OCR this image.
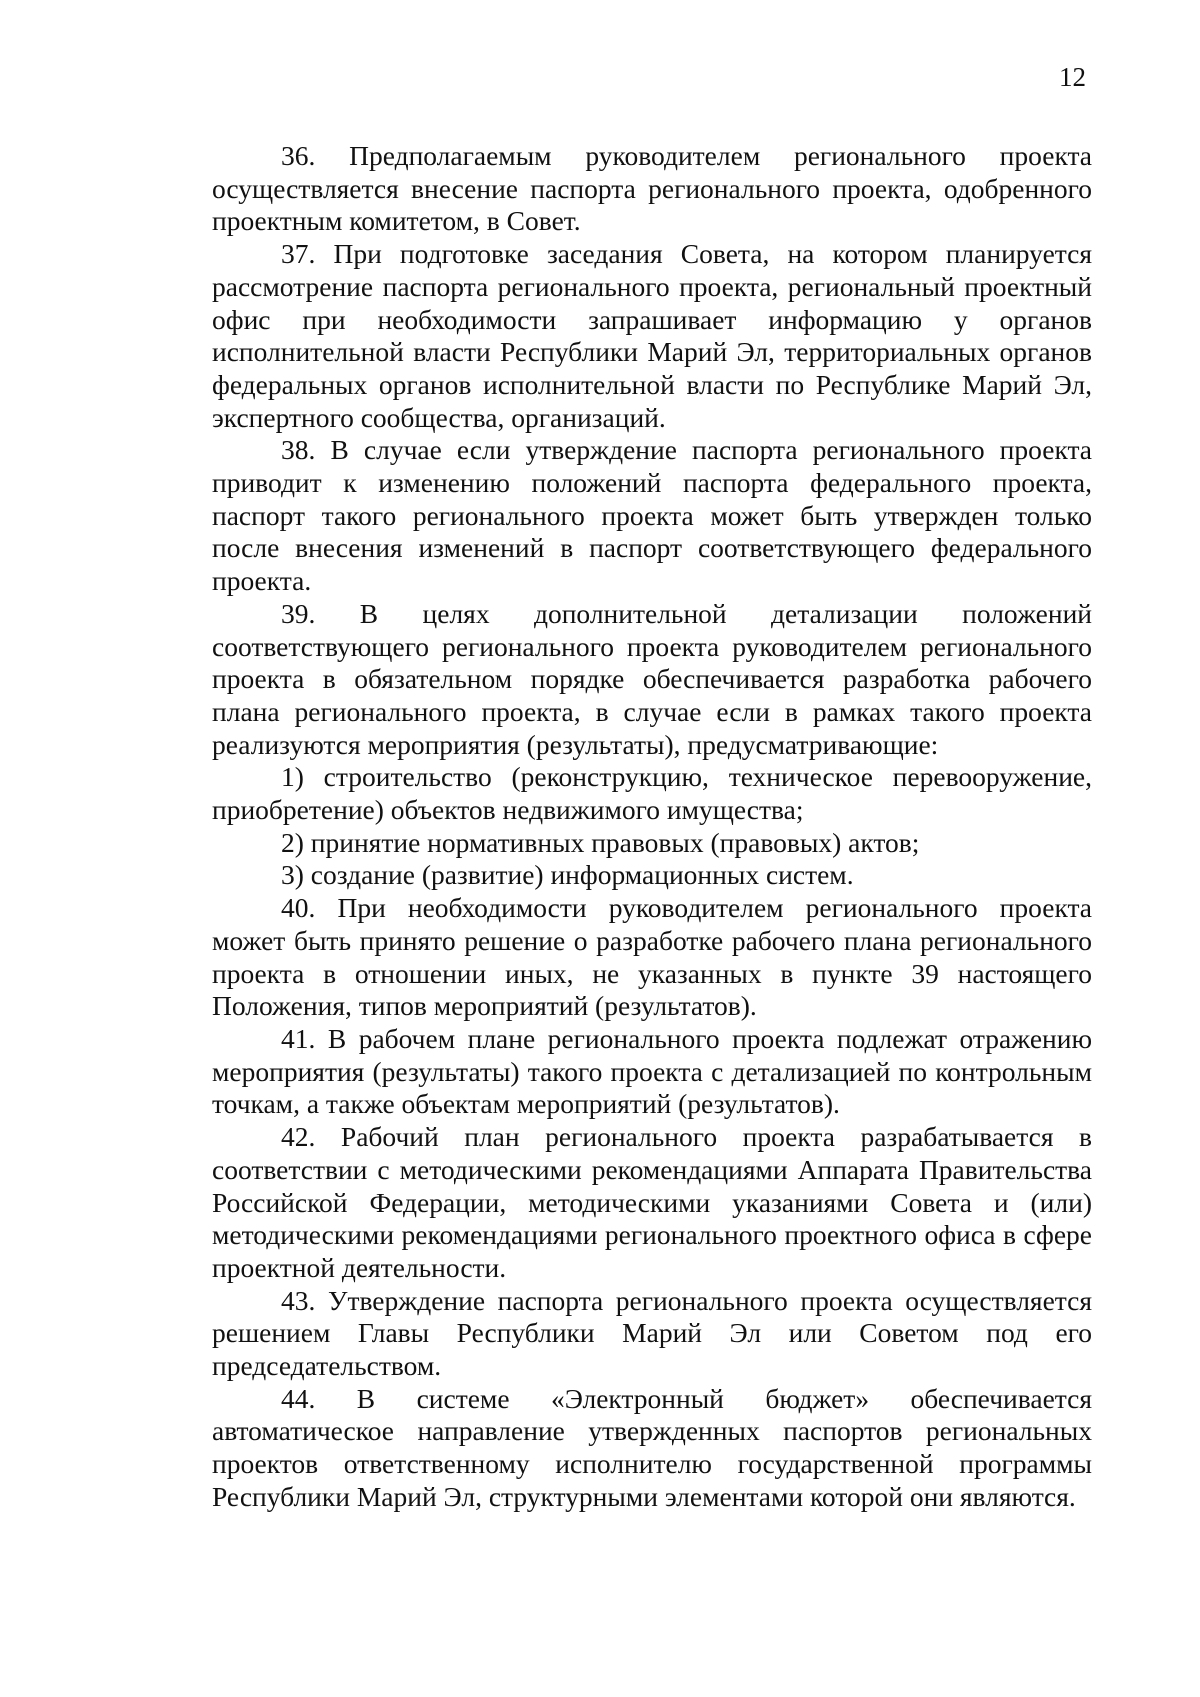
12

36. Предполагаемым руководителем регионального проекта осуществляется внесение паспорта регионального проекта, одобренного проектным комитетом, в Совет.

37. При подготовке заседания Совета, на котором планируется рассмотрение паспорта регионального проекта, региональный проектный офис при необходимости запрашивает информацию у органов исполнительной власти Республики Марий Эл, территориальных органов федеральных органов исполнительной власти по Республике Марий Эл, экспертного сообщества, организаций.

38. В случае если утверждение паспорта регионального проекта приводит к изменению положений паспорта федерального проекта, паспорт такого регионального проекта может быть утвержден только после внесения изменений в паспорт соответствующего федерального проекта.

39. В целях дополнительной детализации положений соответствующего регионального проекта руководителем регионального проекта в обязательном порядке обеспечивается разработка рабочего плана регионального проекта, в случае если в рамках такого проекта реализуются мероприятия (результаты), предусматривающие:

1) строительство (реконструкцию, техническое перевооружение, приобретение) объектов недвижимого имущества;

2) принятие нормативных правовых (правовых) актов;

3) создание (развитие) информационных систем.

40. При необходимости руководителем регионального проекта может быть принято решение о разработке рабочего плана регионального проекта в отношении иных, не указанных в пункте 39 настоящего Положения, типов мероприятий (результатов).

41. В рабочем плане регионального проекта подлежат отражению мероприятия (результаты) такого проекта с детализацией по контрольным точкам, а также объектам мероприятий (результатов).

42. Рабочий план регионального проекта разрабатывается в соответствии с методическими рекомендациями Аппарата Правительства Российской Федерации, методическими указаниями Совета и (или) методическими рекомендациями регионального проектного офиса в сфере проектной деятельности.

43. Утверждение паспорта регионального проекта осуществляется решением Главы Республики Марий Эл или Советом под его председательством.

44. В системе «Электронный бюджет» обеспечивается автоматическое направление утвержденных паспортов региональных проектов ответственному исполнителю государственной программы Республики Марий Эл, структурными элементами которой они являются.
